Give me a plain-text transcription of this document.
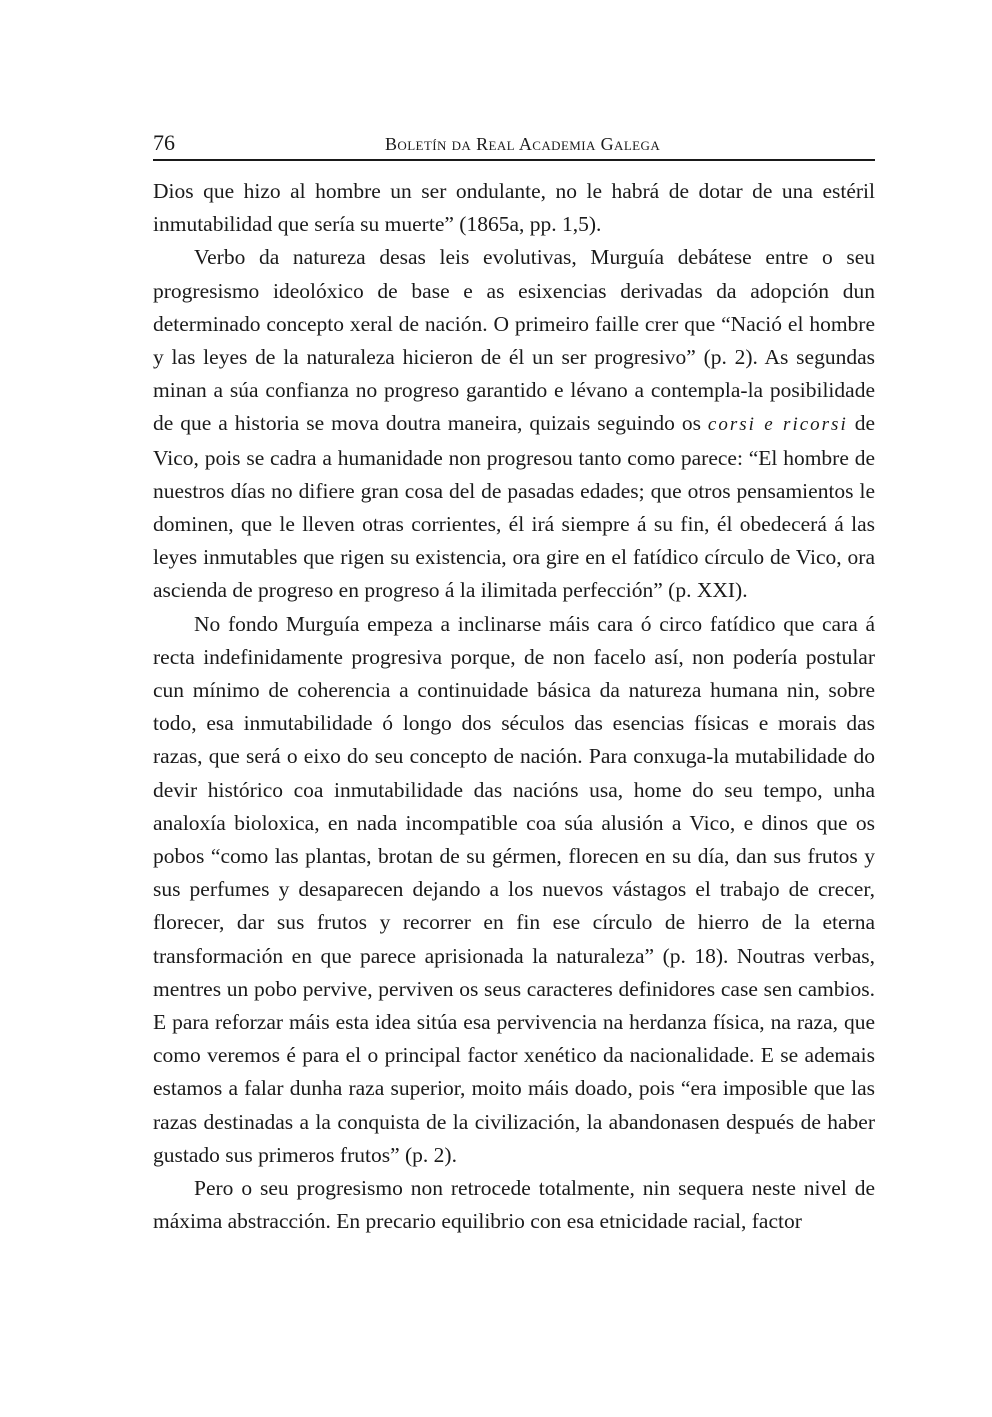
76	Boletín da Real Academia Galega

Dios que hizo al hombre un ser ondulante, no le habrá de dotar de una estéril inmutabilidad que sería su muerte” (1865a, pp. 1,5).

Verbo da natureza desas leis evolutivas, Murguía debátese entre o seu progresismo ideolóxico de base e as esixencias derivadas da adopción dun determinado concepto xeral de nación. O primeiro faille crer que “Nació el hombre y las leyes de la naturaleza hicieron de él un ser progresivo” (p. 2). As segundas minan a súa confianza no progreso garantido e lévano a contempla-la posibilidade de que a historia se mova doutra maneira, quizais seguindo os corsi e ricorsi de Vico, pois se cadra a humanidade non progresou tanto como parece: “El hombre de nuestros días no difiere gran cosa del de pasadas edades; que otros pensamientos le dominen, que le lleven otras corrientes, él irá siempre á su fin, él obedecerá á las leyes inmutables que rigen su existencia, ora gire en el fatídico círculo de Vico, ora ascienda de progreso en progreso á la ilimitada perfección” (p. XXI).

No fondo Murguía empeza a inclinarse máis cara ó circo fatídico que cara á recta indefinidamente progresiva porque, de non facelo así, non podería postular cun mínimo de coherencia a continuidade básica da natureza humana nin, sobre todo, esa inmutabilidade ó longo dos séculos das esencias físicas e morais das razas, que será o eixo do seu concepto de nación. Para conxuga-la mutabilidade do devir histórico coa inmutabilidade das nacións usa, home do seu tempo, unha analoxía bioloxica, en nada incompatible coa súa alusión a Vico, e dinos que os pobos “como las plantas, brotan de su gérmen, florecen en su día, dan sus frutos y sus perfumes y desaparecen dejando a los nuevos vástagos el trabajo de crecer, florecer, dar sus frutos y recorrer en fin ese círculo de hierro de la eterna transformación en que parece aprisionada la naturaleza” (p. 18). Noutras verbas, mentres un pobo pervive, perviven os seus caracteres definidores case sen cambios. E para reforzar máis esta idea sitúa esa pervivencia na herdanza física, na raza, que como veremos é para el o principal factor xenético da nacionalidade. E se ademais estamos a falar dunha raza superior, moito máis doado, pois “era imposible que las razas destinadas a la conquista de la civilización, la abandonasen después de haber gustado sus primeros frutos” (p. 2).

Pero o seu progresismo non retrocede totalmente, nin sequera neste nivel de máxima abstracción. En precario equilibrio con esa etnicidade racial, factor
